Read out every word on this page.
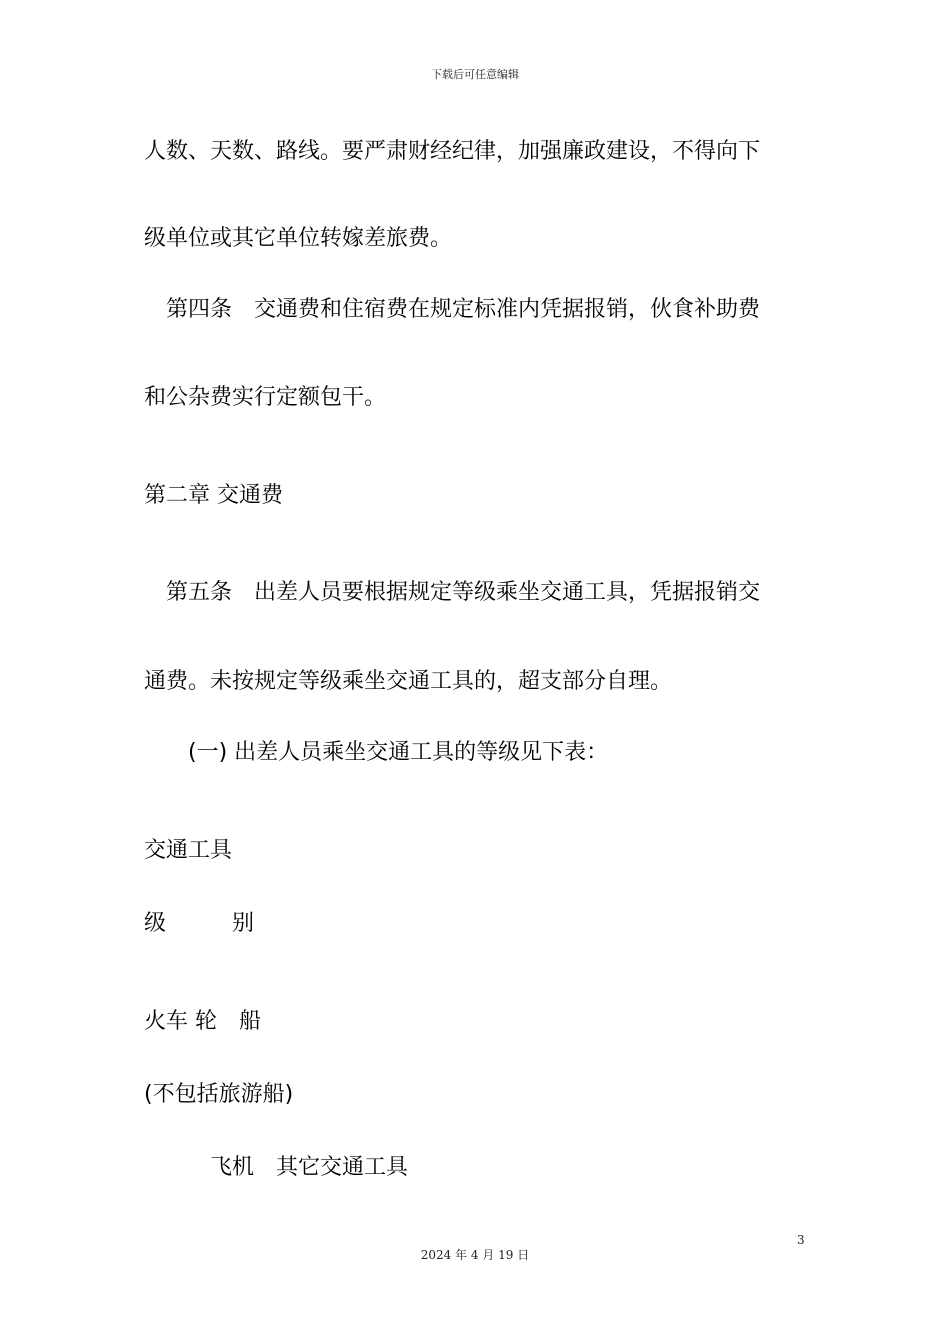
下载后可任意编辑
人数、天数、路线。要严肃财经纪律，加强廉政建设，不得向下
级单位或其它单位转嫁差旅费。
　第四条　交通费和住宿费在规定标准内凭据报销，伙食补助费
和公杂费实行定额包干。
第二章 交通费
　第五条　出差人员要根据规定等级乘坐交通工具，凭据报销交
通费。未按规定等级乘坐交通工具的，超支部分自理。
　　(一) 出差人员乘坐交通工具的等级见下表：
交通工具
级　　　别
火车 轮　船
(不包括旅游船)
　　　飞机　其它交通工具
3
2024 年 4 月 19 日
